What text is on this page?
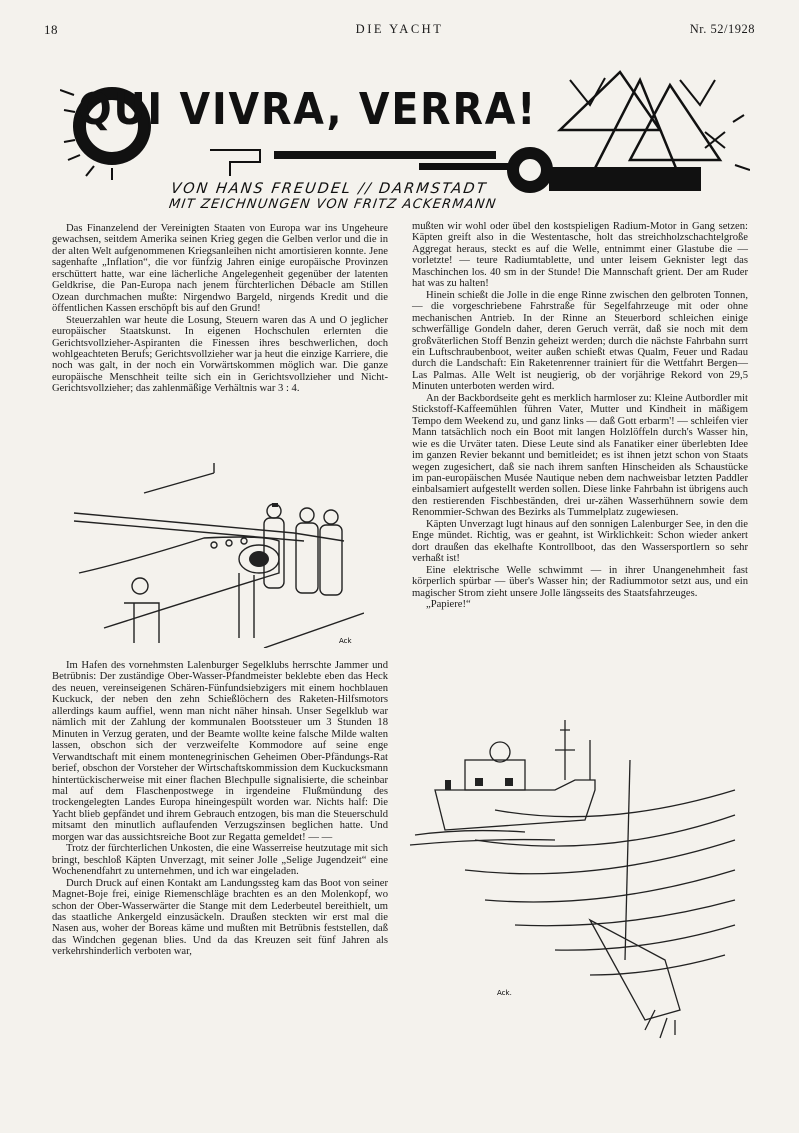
18	DIE YACHT	Nr. 52/1928
QUI VIVRA, VERRA!
VON HANS FREUDEL // DARMSTADT
MIT ZEICHNUNGEN VON FRITZ ACKERMANN

Das Finanzelend der Vereinigten Staaten von Europa war ins Ungeheure gewachsen, seitdem Amerika seinen Krieg gegen die Gelben verlor und die in der alten Welt aufgenommenen Kriegsanleihen nicht amortisieren konnte. Jene sagenhafte „Inflation“, die vor fünfzig Jahren einige europäische Provinzen erschüttert hatte, war eine lächerliche Angelegenheit gegenüber der latenten Geldkrise, die Pan-Europa nach jenem fürchterlichen Débacle am Stillen Ozean durchmachen mußte: Nirgendwo Bargeld, nirgends Kredit und die öffentlichen Kassen erschöpft bis auf den Grund!

Steuerzahlen war heute die Losung, Steuern waren das A und O jeglicher europäischer Staatskunst. In eigenen Hochschulen erlernten die Gerichtsvollzieher-Aspiranten die Finessen ihres beschwerlichen, doch wohlgeachteten Berufs; Gerichtsvollzieher war ja heut die einzige Karriere, die noch was galt, in der noch ein Vorwärtskommen möglich war. Die ganze europäische Menschheit teilte sich ein in Gerichtsvollzieher und Nicht-Gerichtsvollzieher; das zahlenmäßige Verhältnis war 3 : 4.

Ack

Im Hafen des vornehmsten Lalenburger Segelklubs herrschte Jammer und Betrübnis: Der zuständige Ober-Wasser-Pfandmeister beklebte eben das Heck des neuen, vereinseigenen Schären-Fünfundsiebzigers mit einem hochblauen Kuckuck, der neben den zehn Schießlöchern des Raketen-Hilfsmotors allerdings kaum auffiel, wenn man nicht näher hinsah. Unser Segelklub war nämlich mit der Zahlung der kommunalen Bootssteuer um 3 Stunden 18 Minuten in Verzug geraten, und der Beamte wollte keine falsche Milde walten lassen, obschon sich der verzweifelte Kommodore auf seine enge Verwandtschaft mit einem montenegrinischen Geheimen Ober-Pfändungs-Rat berief, obschon der Vorsteher der Wirtschaftskommission dem Kuckucksmann hintertückischerweise mit einer flachen Blechpulle signalisierte, die scheinbar mal auf dem Flaschenpostwege in irgendeine Flußmündung des trockengelegten Landes Europa hineingespült worden war. Nichts half: Die Yacht blieb gepfändet und ihrem Gebrauch entzogen, bis man die Steuerschuld mitsamt den minutlich auflaufenden Verzugszinsen beglichen hatte. Und morgen war das aussichtsreiche Boot zur Regatta gemeldet! — —

Trotz der fürchterlichen Unkosten, die eine Wasserreise heutzutage mit sich bringt, beschloß Käpten Unverzagt, mit seiner Jolle „Selige Jugendzeit“ eine Wochenendfahrt zu unternehmen, und ich war eingeladen.

Durch Druck auf einen Kontakt am Landungssteg kam das Boot von seiner Magnet-Boje frei, einige Riemenschläge brachten es an den Molenkopf, wo schon der Ober-Wasserwärter die Stange mit dem Lederbeutel bereithielt, um das staatliche Ankergeld einzusäckeln. Draußen steckten wir erst mal die Nasen aus, woher der Boreas käme und mußten mit Betrübnis feststellen, daß das Windchen gegenan blies. Und da das Kreuzen seit fünf Jahren als verkehrshinderlich verboten war,

mußten wir wohl oder übel den kostspieligen Radium-Motor in Gang setzen: Käpten greift also in die Westentasche, holt das streichholzschachtelgroße Aggregat heraus, steckt es auf die Welle, entnimmt einer Glastube die — vorletzte! — teure Radiumtablette, und unter leisem Geknister legt das Maschinchen los. 40 sm in der Stunde! Die Mannschaft grient. Der am Ruder hat was zu halten!

Hinein schießt die Jolle in die enge Rinne zwischen den gelbroten Tonnen, — die vorgeschriebene Fahrstraße für Segelfahrzeuge mit oder ohne mechanischen Antrieb. In der Rinne an Steuerbord schleichen einige schwerfällige Gondeln daher, deren Geruch verrät, daß sie noch mit dem großväterlichen Stoff Benzin geheizt werden; durch die nächste Fahrbahn surrt ein Luftschraubenboot, weiter außen schießt etwas Qualm, Feuer und Radau durch die Landschaft: Ein Raketenrenner trainiert für die Wettfahrt Bergen—Las Palmas. Alle Welt ist neugierig, ob der vorjährige Rekord von 29,5 Minuten unterboten werden wird.

An der Backbordseite geht es merklich harmloser zu: Kleine Autbordler mit Stickstoff-Kaffeemühlen führen Vater, Mutter und Kindheit in mäßigem Tempo dem Weekend zu, und ganz links — daß Gott erbarm'! — schleifen vier Mann tatsächlich noch ein Boot mit langen Holzlöffeln durch's Wasser hin, wie es die Urväter taten. Diese Leute sind als Fanatiker einer überlebten Idee im ganzen Revier bekannt und bemitleidet; es ist ihnen jetzt schon von Staats wegen zugesichert, daß sie nach ihrem sanften Hinscheiden als Schaustücke im pan-europäischen Musée Nautique neben dem nachweisbar letzten Paddler einbalsamiert aufgestellt werden sollen. Diese linke Fahrbahn ist übrigens auch den restierenden Fischbeständen, drei ur-zähen Wasserhühnern sowie dem Renommier-Schwan des Bezirks als Tummelplatz zugewiesen.

Käpten Unverzagt lugt hinaus auf den sonnigen Lalenburger See, in den die Enge mündet. Richtig, was er geahnt, ist Wirklichkeit: Schon wieder ankert dort draußen das ekelhafte Kontrollboot, das den Wassersportlern so sehr verhaßt ist!

Eine elektrische Welle schwimmt — in ihrer Unangenehmheit fast körperlich spürbar — über's Wasser hin; der Radiummotor setzt aus, und ein magischer Strom zieht unsere Jolle längsseits des Staatsfahrzeuges.

„Papiere!“

Ack.
